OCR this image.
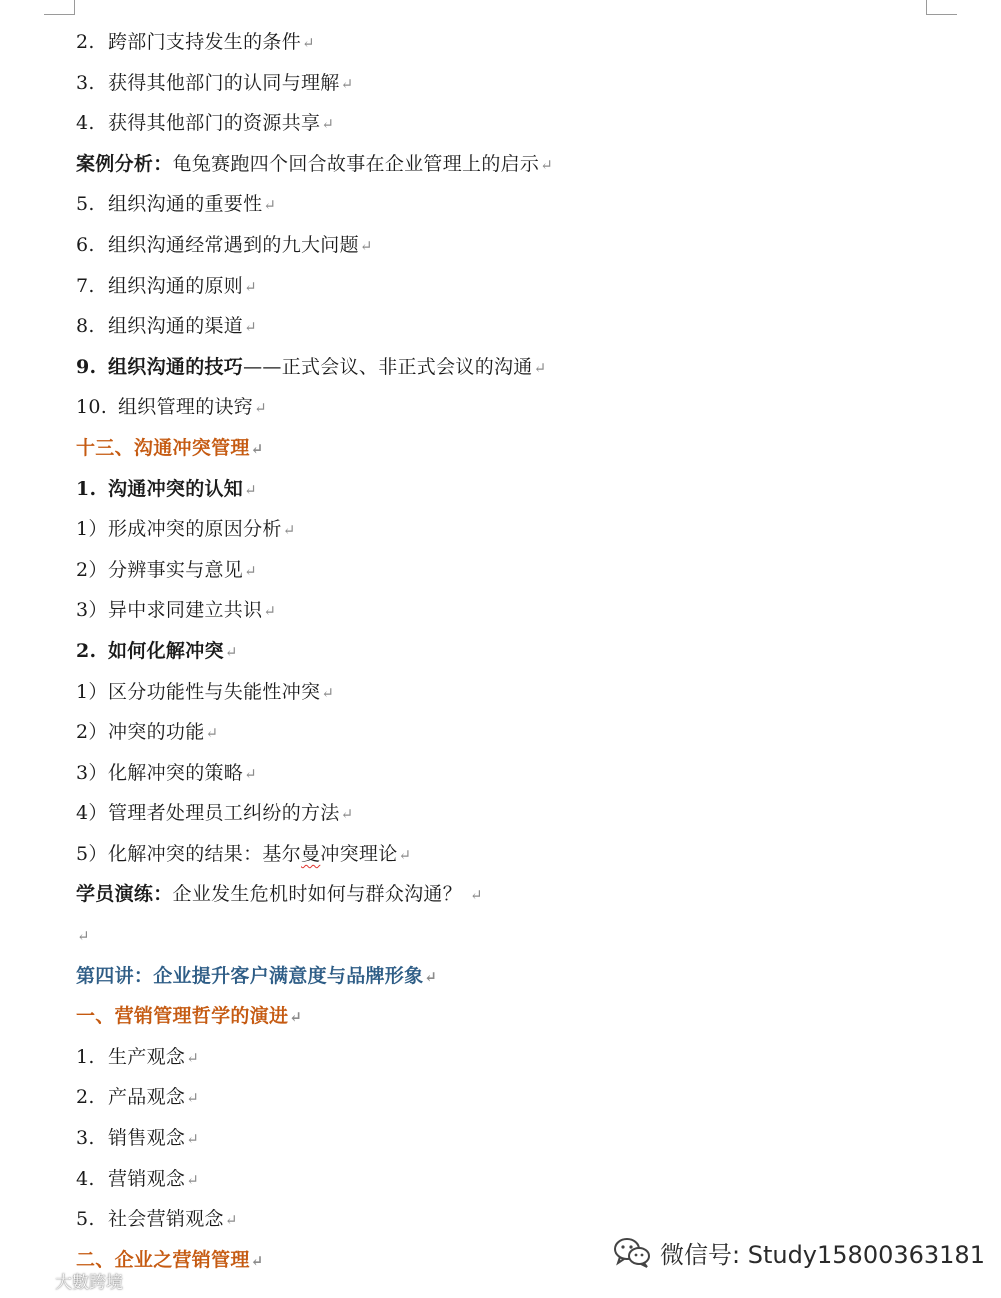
2. 跨部门支持发生的条件↵
3. 获得其他部门的认同与理解↵
4. 获得其他部门的资源共享↵
案例分析：龟兔赛跑四个回合故事在企业管理上的启示↵
5. 组织沟通的重要性↵
6. 组织沟通经常遇到的九大问题↵
7. 组织沟通的原则↵
8. 组织沟通的渠道↵
9. 组织沟通的技巧——正式会议、非正式会议的沟通↵
10. 组织管理的诀窍↵
十三、沟通冲突管理↵
1. 沟通冲突的认知↵
1）形成冲突的原因分析↵
2）分辨事实与意见↵
3）异中求同建立共识↵
2. 如何化解冲突↵
1）区分功能性与失能性冲突↵
2）冲突的功能↵
3）化解冲突的策略↵
4）管理者处理员工纠纷的方法↵
5）化解冲突的结果：基尔曼冲突理论↵
学员演练：企业发生危机时如何与群众沟通？ ↵
↵
第四讲：企业提升客户满意度与品牌形象↵
一、营销管理哲学的演进↵
1. 生产观念↵
2. 产品观念↵
3. 销售观念↵
4. 营销观念↵
5. 社会营销观念↵
二、企业之营销管理↵	微信号: Study15800363181
大數跨境
